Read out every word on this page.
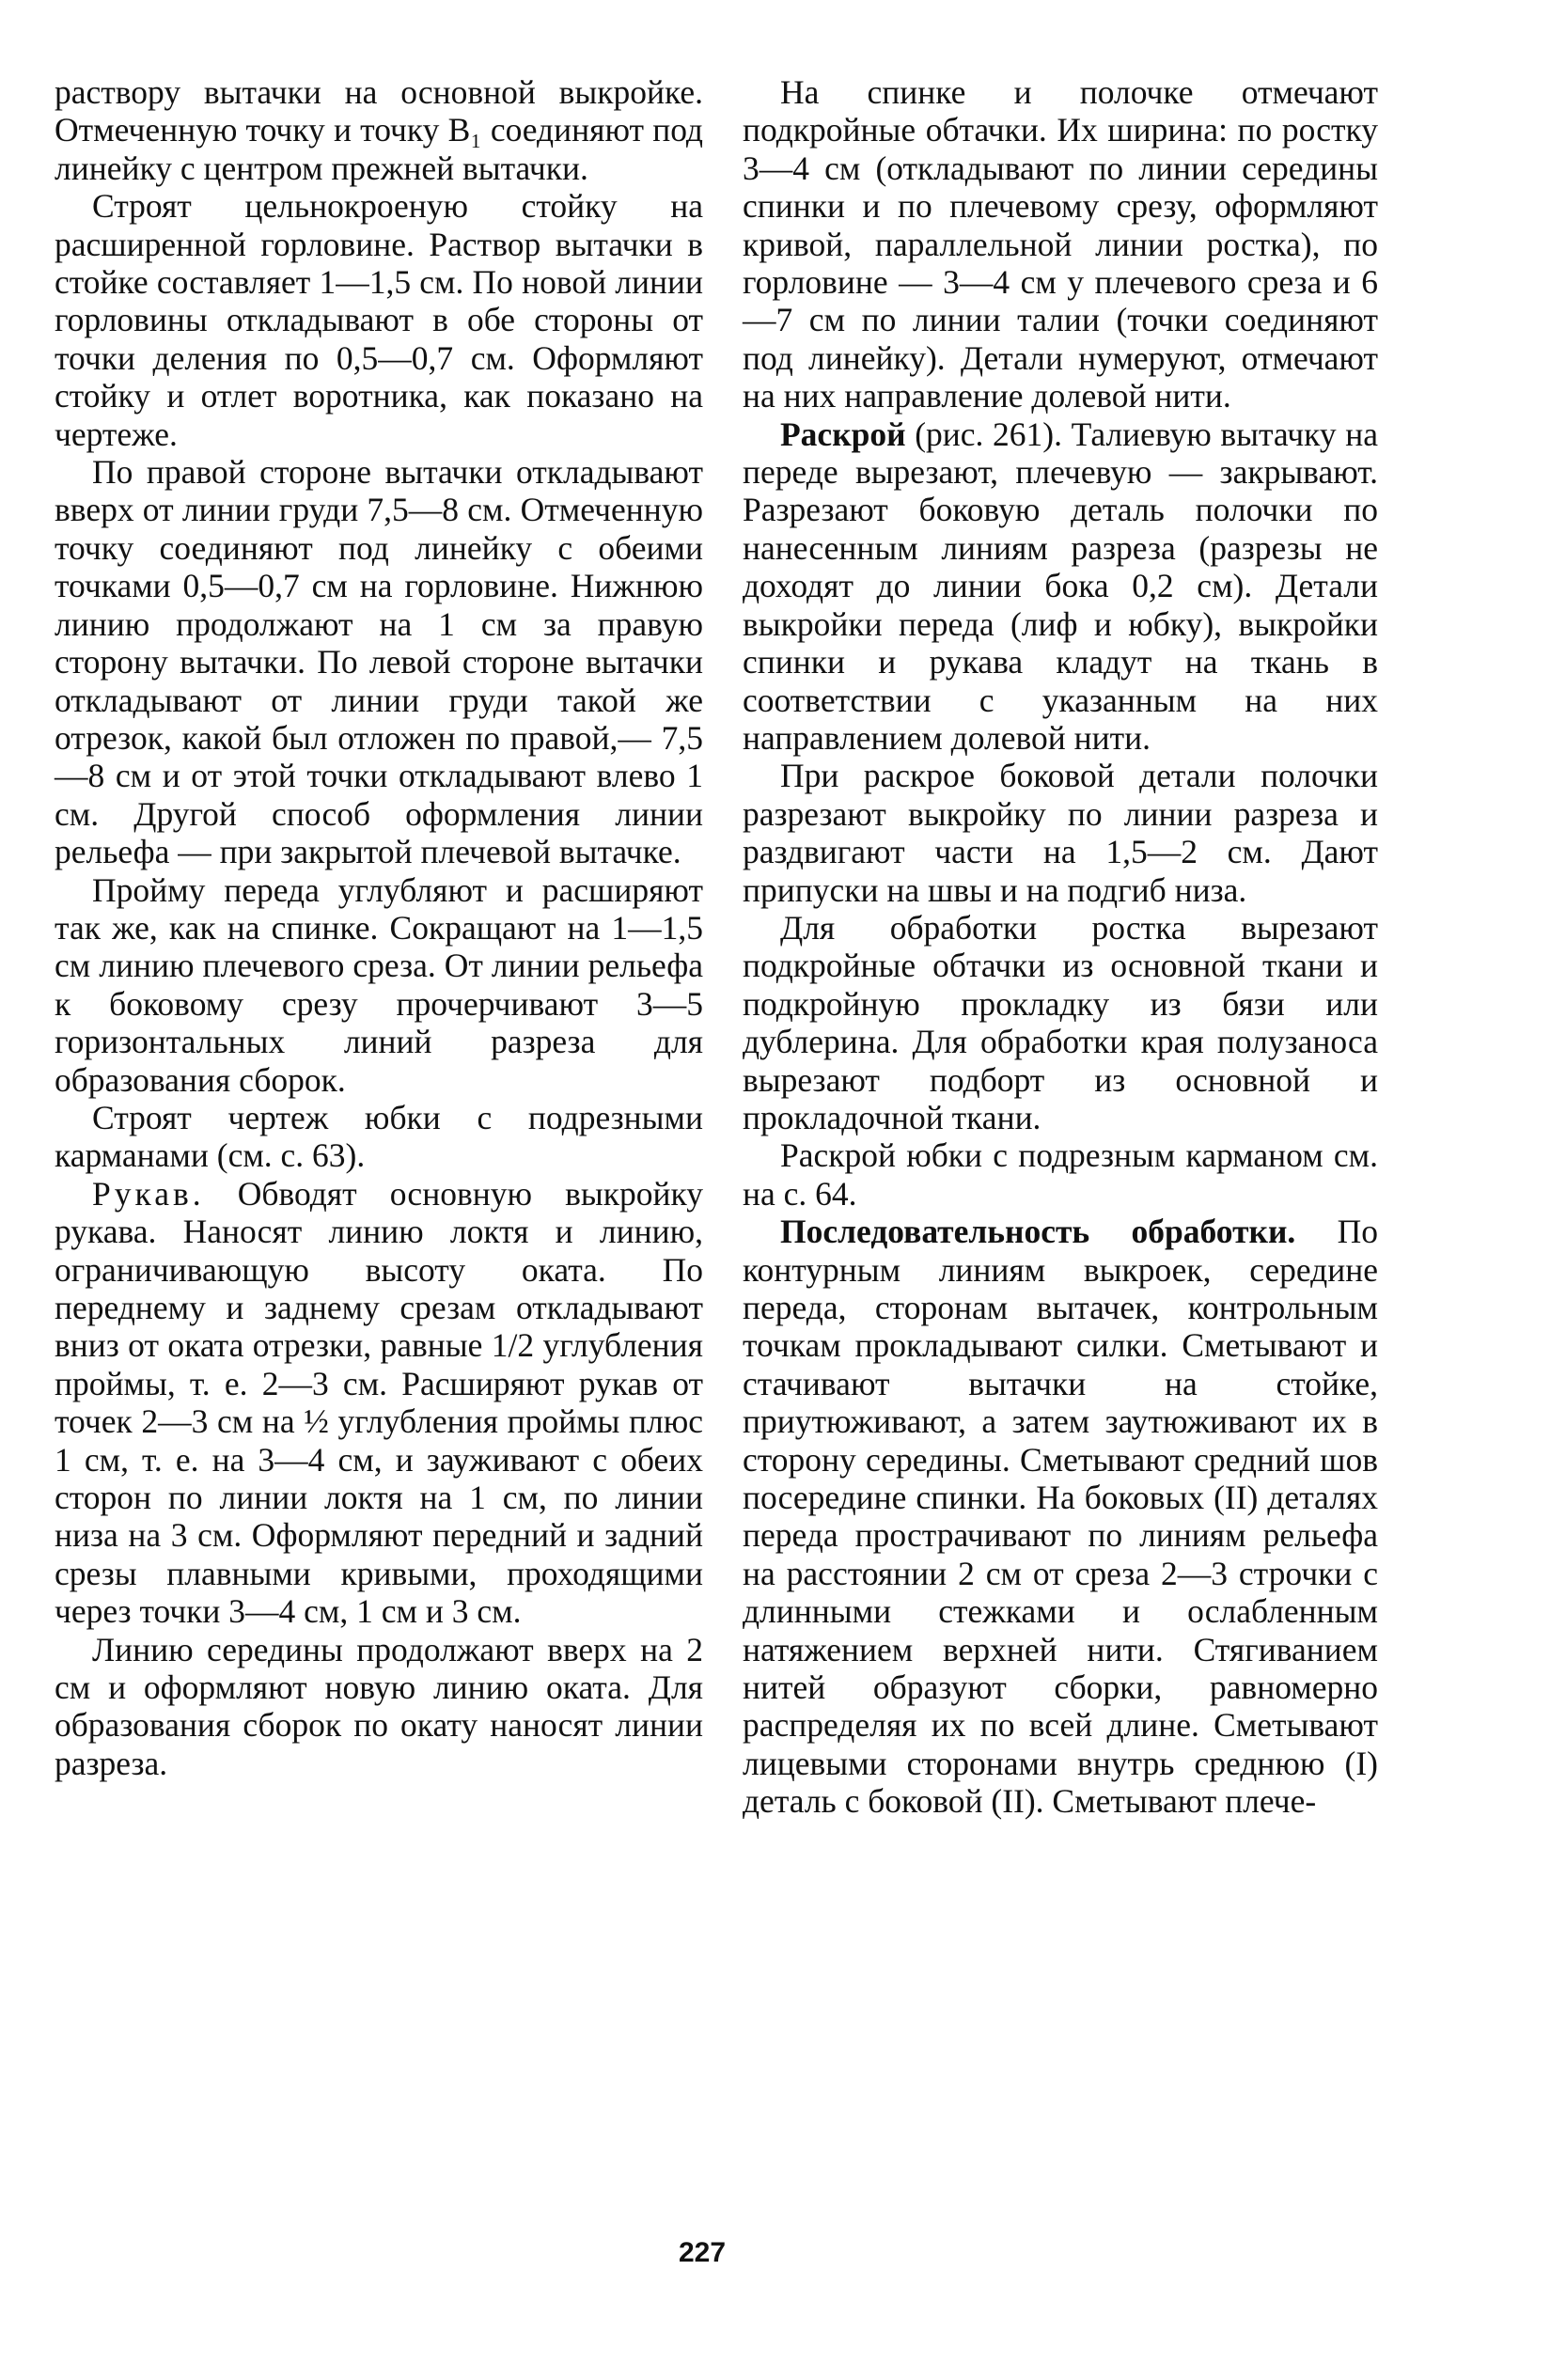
раствору вытачки на основной выкройке. Отмеченную точку и точку В₁ соединяют под линейку с центром прежней вытачки.

Строят цельнокроеную стойку на расширенной горловине. Раствор вытачки в стойке составляет 1—1,5 см. По новой линии горловины откладывают в обе стороны от точки деления по 0,5—0,7 см. Оформляют стойку и отлет воротника, как показано на чертеже.

По правой стороне вытачки откладывают вверх от линии груди 7,5—8 см. Отмеченную точку соединяют под линейку с обеими точками 0,5—0,7 см на горловине. Нижнюю линию продолжают на 1 см за правую сторону вытачки. По левой стороне вытачки откладывают от линии груди такой же отрезок, какой был отложен по правой,— 7,5—8 см и от этой точки откладывают влево 1 см. Другой способ оформления линии рельефа — при закрытой плечевой вытачке.

Пройму переда углубляют и расширяют так же, как на спинке. Сокращают на 1—1,5 см линию плечевого среза. От линии рельефа к боковому срезу прочерчивают 3—5 горизонтальных линий разреза для образования сборок.

Строят чертеж юбки с подрезными карманами (см. с. 63).

Рукав. Обводят основную выкройку рукава. Наносят линию локтя и линию, ограничивающую высоту оката. По переднему и заднему срезам откладывают вниз от оката отрезки, равные 1/2 углубления проймы, т. е. 2—3 см. Расширяют рукав от точек 2—3 см на ½ углубления проймы плюс 1 см, т. е. на 3—4 см, и зауживают с обеих сторон по линии локтя на 1 см, по линии низа на 3 см. Оформляют передний и задний срезы плавными кривыми, проходящими через точки 3—4 см, 1 см и 3 см.

Линию середины продолжают вверх на 2 см и оформляют новую линию оката. Для образования сборок по окату наносят линии разреза.

На спинке и полочке отмечают подкройные обтачки. Их ширина: по ростку 3—4 см (откладывают по линии середины спинки и по плечевому срезу, оформляют кривой, параллельной линии ростка), по горловине — 3—4 см у плечевого среза и 6—7 см по линии талии (точки соединяют под линейку). Детали нумеруют, отмечают на них направление долевой нити.

Раскрой (рис. 261). Талиевую вытачку на переде вырезают, плечевую — закрывают. Разрезают боковую деталь полочки по нанесенным линиям разреза (разрезы не доходят до линии бока 0,2 см). Детали выкройки переда (лиф и юбку), выкройки спинки и рукава кладут на ткань в соответствии с указанным на них направлением долевой нити.

При раскрое боковой детали полочки разрезают выкройку по линии разреза и раздвигают части на 1,5—2 см. Дают припуски на швы и на подгиб низа.

Для обработки ростка вырезают подкройные обтачки из основной ткани и подкройную прокладку из бязи или дублерина. Для обработки края полузаноса вырезают подборт из основной и прокладочной ткани.

Раскрой юбки с подрезным карманом см. на с. 64.

Последовательность обработки. По контурным линиям выкроек, середине переда, сторонам вытачек, контрольным точкам прокладывают силки. Сметывают и стачивают вытачки на стойке, приутюживают, а затем заутюживают их в сторону середины. Сметывают средний шов посередине спинки. На боковых (II) деталях переда прострачивают по линиям рельефа на расстоянии 2 см от среза 2—3 строчки с длинными стежками и ослабленным натяжением верхней нити. Стягиванием нитей образуют сборки, равномерно распределяя их по всей длине. Сметывают лицевыми сторонами внутрь среднюю (I) деталь с боковой (II). Сметывают плече-

227
